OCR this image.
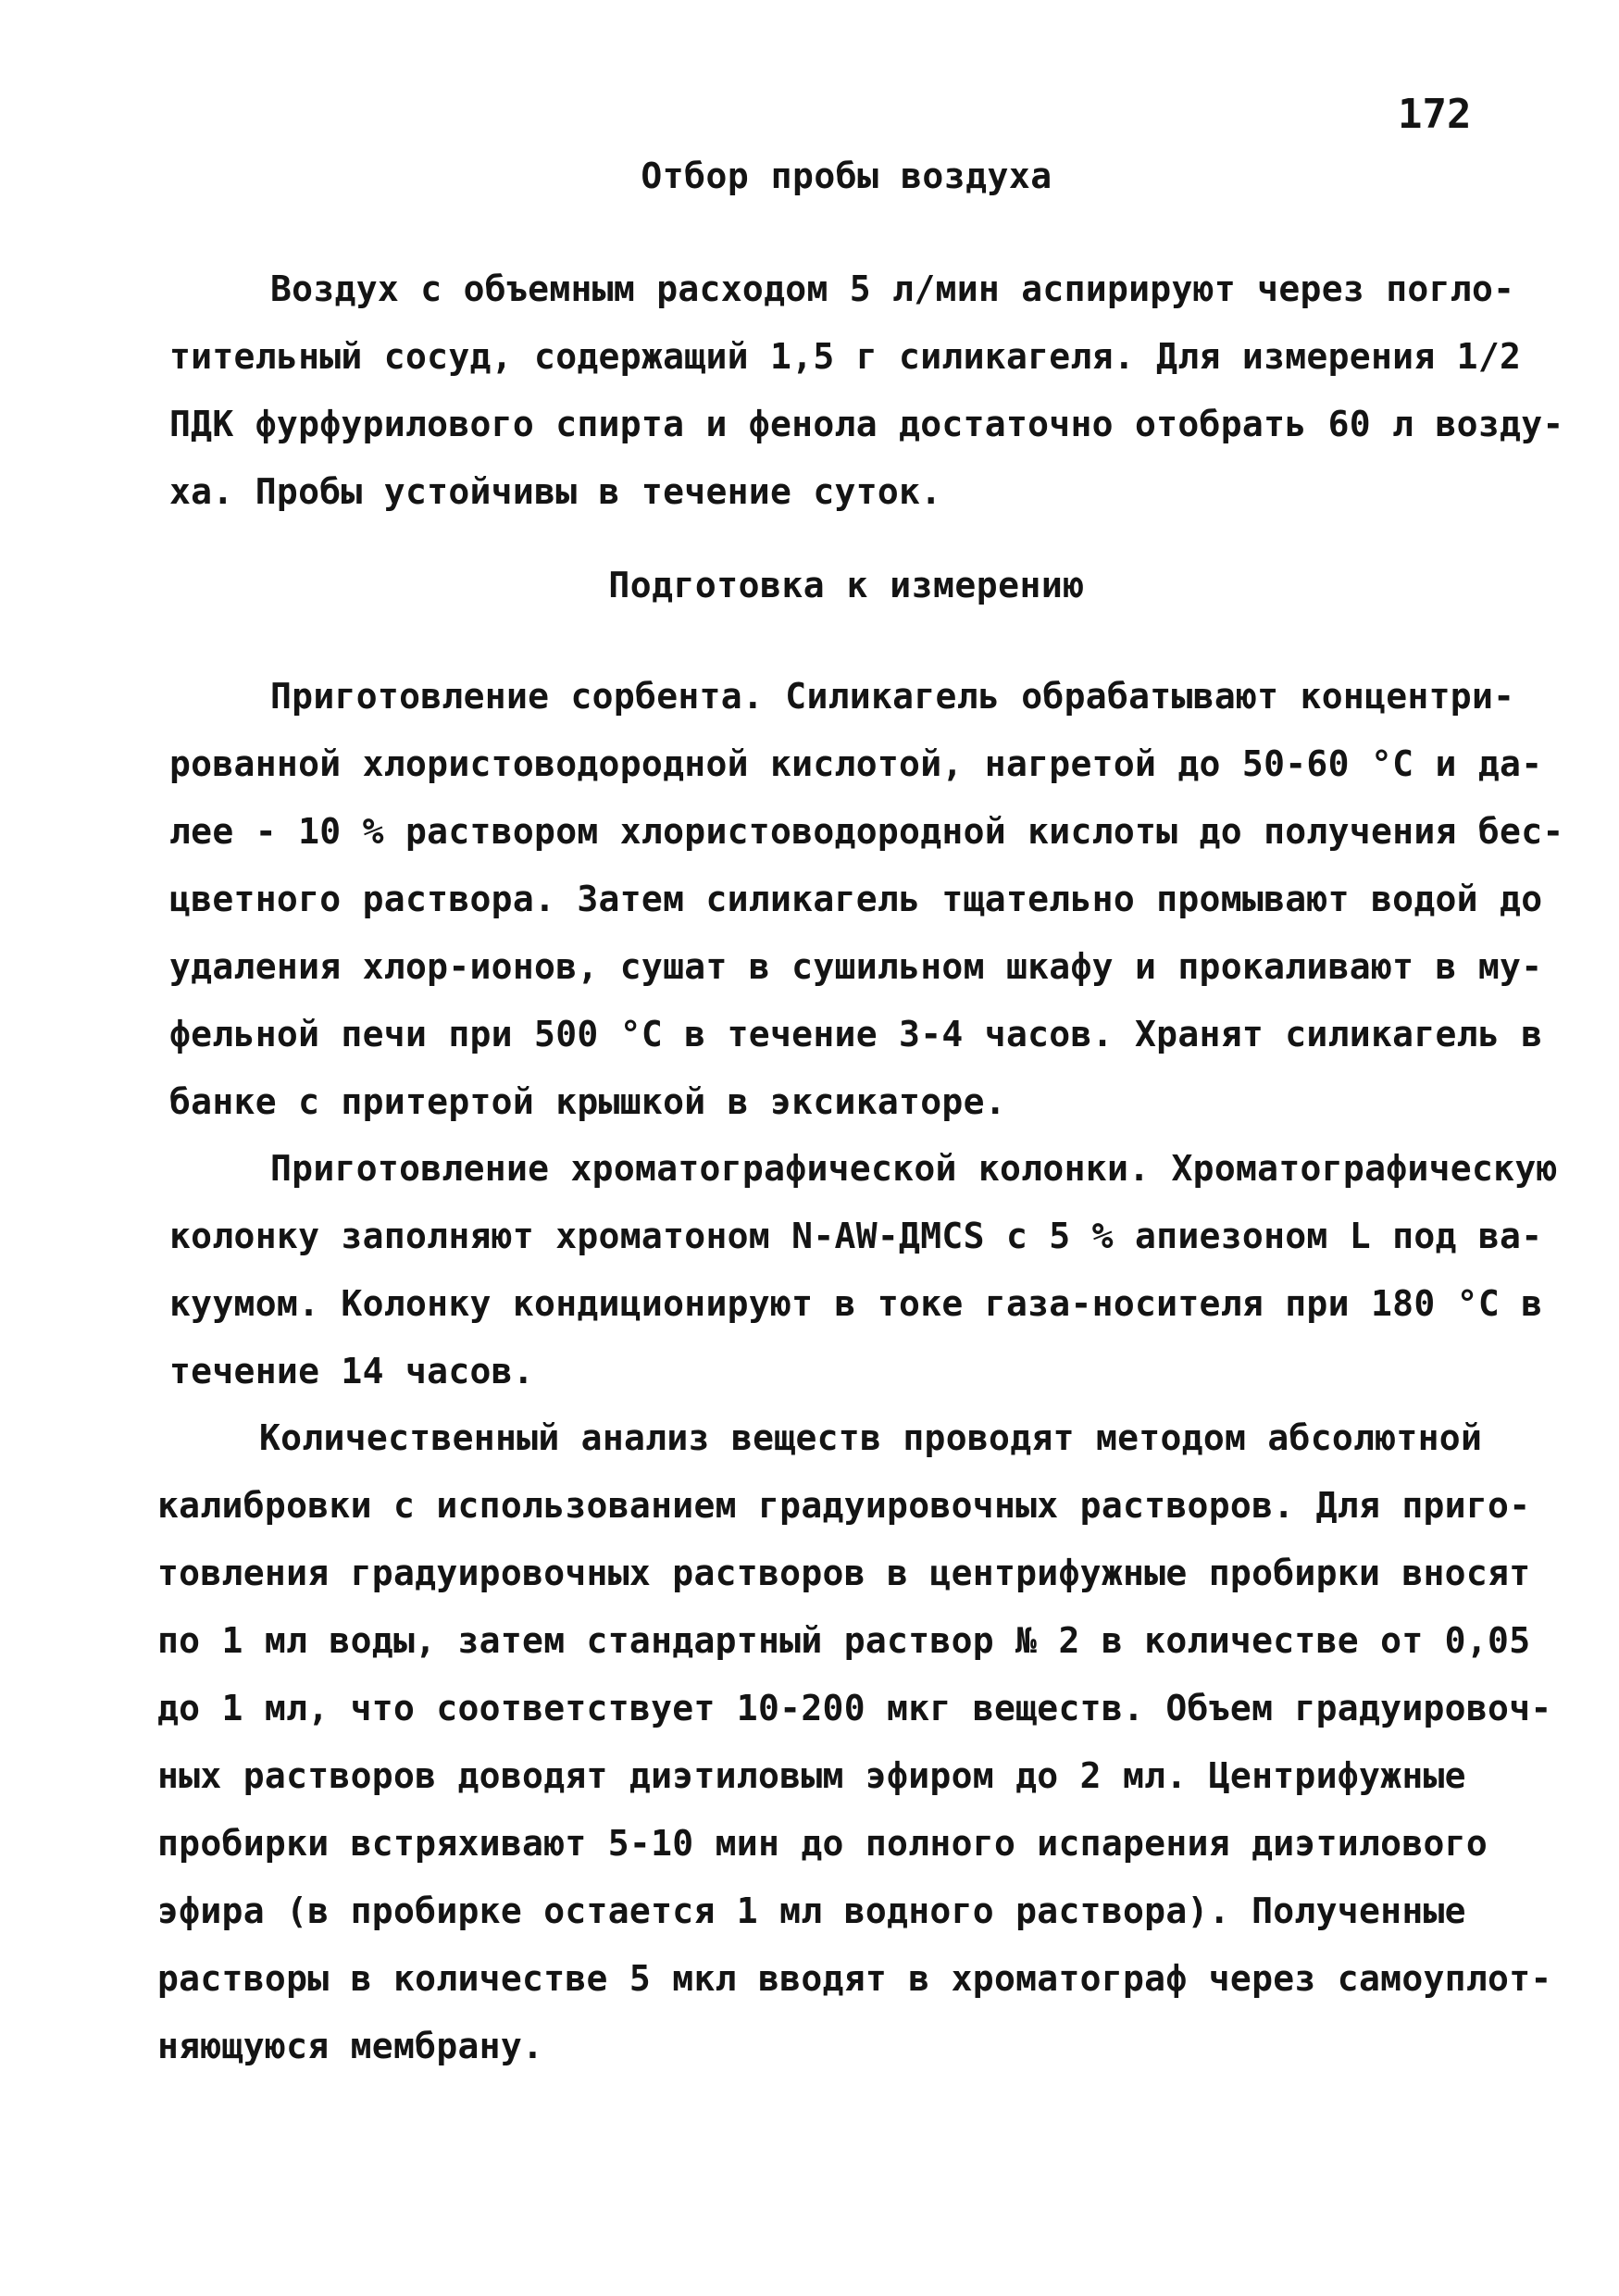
172
Отбор пробы воздуха
Воздух с объемным расходом 5 л/мин аспирируют через погло-
тительный сосуд, содержащий 1,5 г силикагеля. Для измерения 1/2
ПДК фурфурилового спирта и фенола достаточно отобрать 60 л возду-
ха. Пробы устойчивы в течение суток.
Подготовка к измерению
Приготовление сорбента. Силикагель обрабатывают концентри-
рованной хлористоводородной кислотой, нагретой до 50-60 °С и да-
лее - 10 % раствором хлористоводородной кислоты до получения бес-
цветного раствора. Затем силикагель тщательно промывают водой до
удаления хлор-ионов, сушат в сушильном шкафу и прокаливают в му-
фельной печи при 500 °С в течение 3-4 часов. Хранят силикагель в
банке с притертой крышкой в эксикаторе.
Приготовление хроматографической колонки. Хроматографическую
колонку заполняют хроматоном N-AW-ДМСS с 5 % апиезоном L под ва-
куумом. Колонку кондиционируют в токе газа-носителя при 180 °С в
течение 14 часов.
Количественный анализ веществ проводят методом абсолютной
калибровки с использованием градуировочных растворов. Для приго-
товления градуировочных растворов в центрифужные пробирки вносят
по 1 мл воды, затем стандартный раствор № 2 в количестве от 0,05
до 1 мл, что соответствует 10-200 мкг веществ. Объем градуировоч-
ных растворов доводят диэтиловым эфиром до 2 мл. Центрифужные
пробирки встряхивают 5-10 мин до полного испарения диэтилового
эфира (в пробирке остается 1 мл водного раствора). Полученные
растворы в количестве 5 мкл вводят в хроматограф через самоуплот-
няющуюся мембрану.
